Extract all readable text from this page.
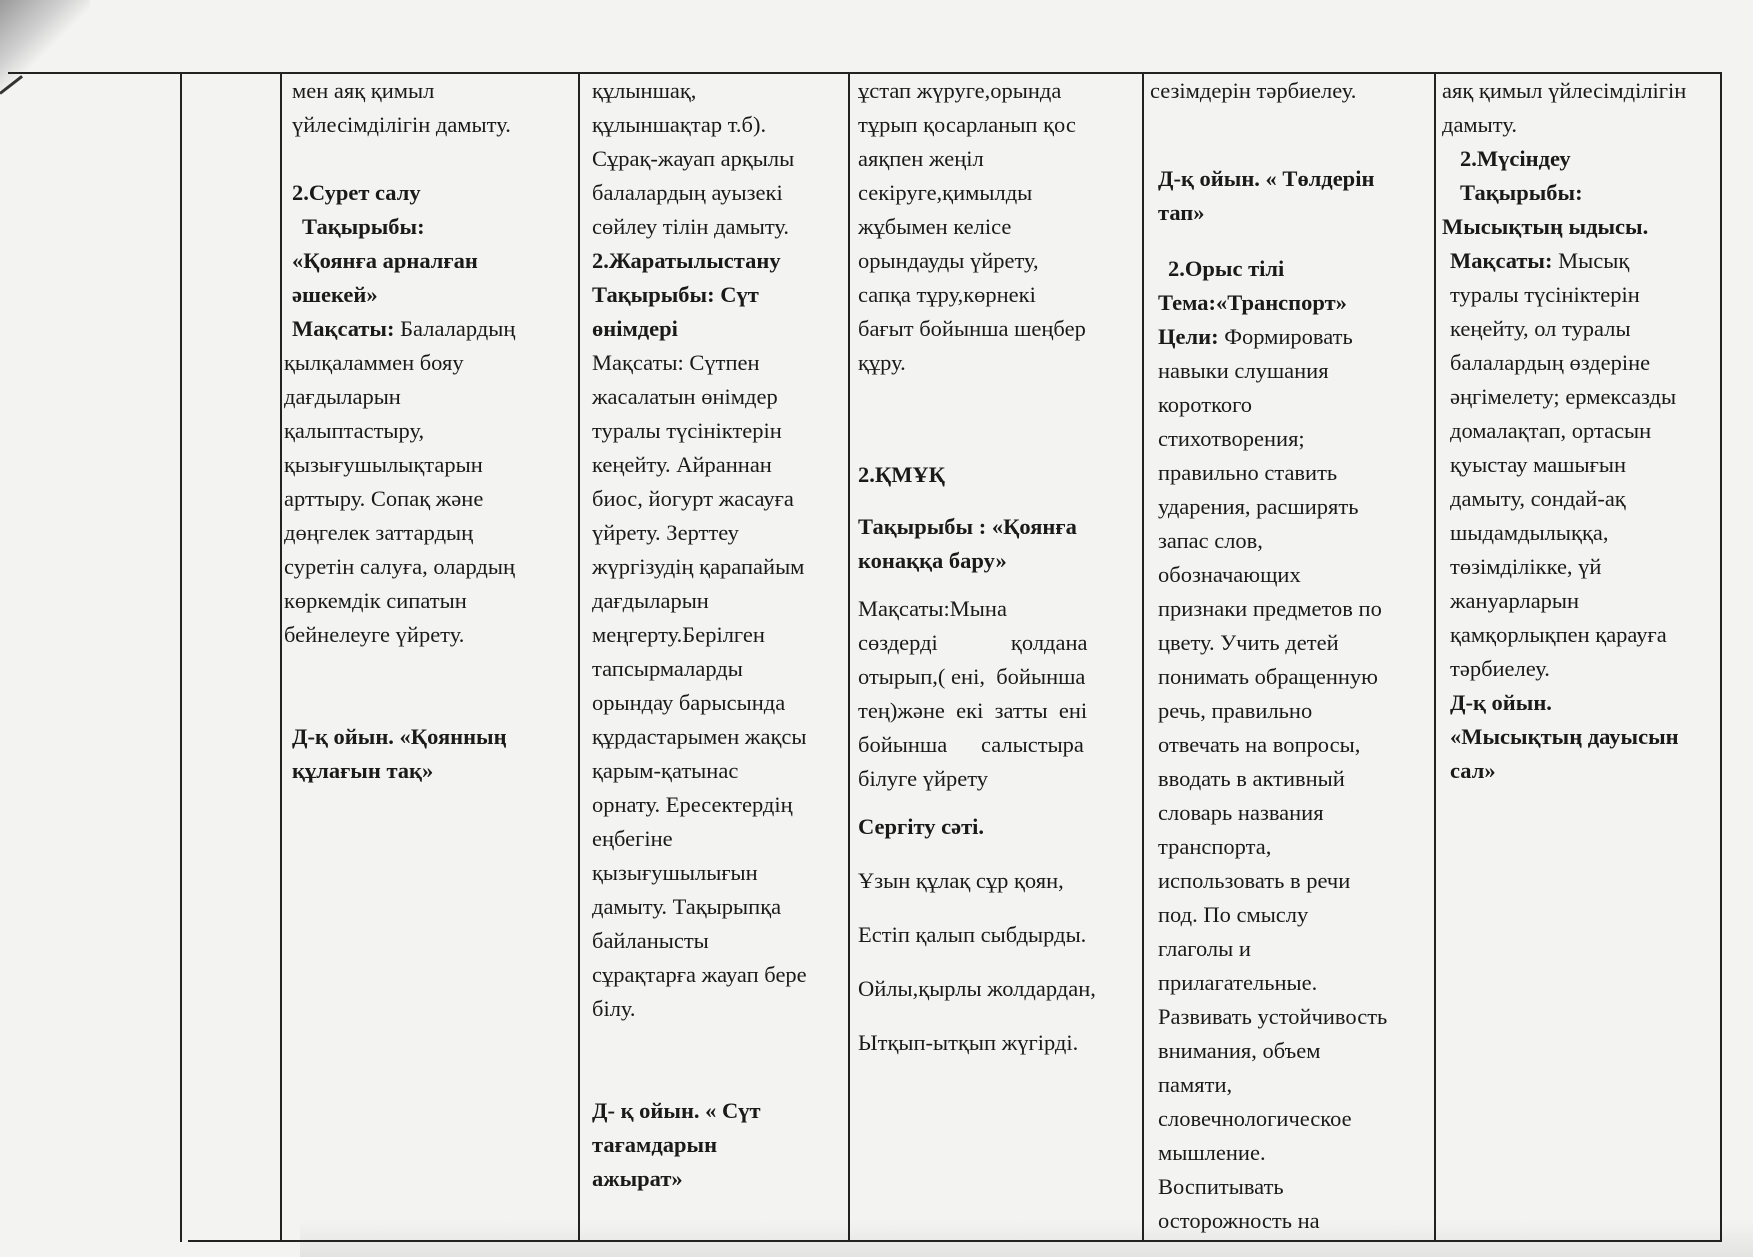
мен аяқ қимыл

үйлесімділігін дамыту.

2.Сурет салу

Тақырыбы:

«Қоянға арналған

әшекей»

Мақсаты: Балалардың

қылқаламмен бояу

дағдыларын

қалыптастыру,

қызығушылықтарын

арттыру. Сопақ және

дөңгелек заттардың

суретін салуға, олардың

көркемдік сипатын

бейнелеуге үйрету.

Д-қ ойын. «Қоянның

құлағын тақ»

құлыншақ,

құлыншақтар т.б).

Сұрақ-жауап арқылы

балалардың ауызекі

сөйлеу тілін дамыту.

2.Жаратылыстану

Тақырыбы: Сүт

өнімдері

Мақсаты: Сүтпен

жасалатын өнімдер

туралы түсініктерін

кеңейту. Айраннан

биос, йогурт жасауға

үйрету. Зерттеу

жүргізудің қарапайым

дағдыларын

меңгерту.Берілген

тапсырмаларды

орындау барысында

құрдастарымен жақсы

қарым-қатынас

орнату. Ересектердің

еңбегіне

қызығушылығын

дамыту. Тақырыпқа

байланысты

сұрақтарға жауап бере

білу.

Д- қ ойын. « Сүт

тағамдарын

ажырат»

ұстап жүруге,орында

тұрып қосарланып қос

аяқпен жеңіл

секіруге,қимылды

жұбымен келісе

орындауды үйрету,

сапқа тұру,көрнекі

бағыт бойынша шеңбер

құру.

2.ҚМҰҚ

Тақырыбы : «Қоянға

конаққа бару»

Мақсаты:Мына

сөздерді             қолдана

отырып,( ені,  бойынша

тең)және  екі  затты  ені

бойынша      салыстыра

білуге үйрету

Сергіту сәті.

Ұзын құлақ сұр қоян,

Естіп қалып сыбдырды.

Ойлы,қырлы жолдардан,

Ытқып-ытқып жүгірді.

сезімдерін тәрбиелеу.

Д-қ ойын. « Төлдерін

тап»

2.Орыс тілі

Тема:«Транспорт»

Цели: Формировать

навыки слушания

короткого

стихотворения;

правильно ставить

ударения, расширять

запас слов,

обозначающих

признаки предметов по

цвету. Учить детей

понимать обращенную

речь, правильно

отвечать на вопросы,

вводать в активный

словарь названия

транспорта,

использовать в речи

под. По смыслу

глаголы и

прилагательные.

Развивать устойчивость

внимания, объем

памяти,

словечнологическое

мышление.

Воспитывать

осторожность на

аяқ қимыл үйлесімділігін

дамыту.

2.Мүсіндеу

Тақырыбы:

Мысықтың ыдысы.

Мақсаты: Мысық

туралы түсініктерін

кеңейту, ол туралы

балалардың өздеріне

әңгімелету; ермексазды

домалақтап, ортасын

қуыстау машығын

дамыту, сондай-ақ

шыдамдылыққа,

төзімділікке, үй

жануарларын

қамқорлықпен қарауға

тәрбиелеу.

Д-қ ойын.

«Мысықтың дауысын

сал»
